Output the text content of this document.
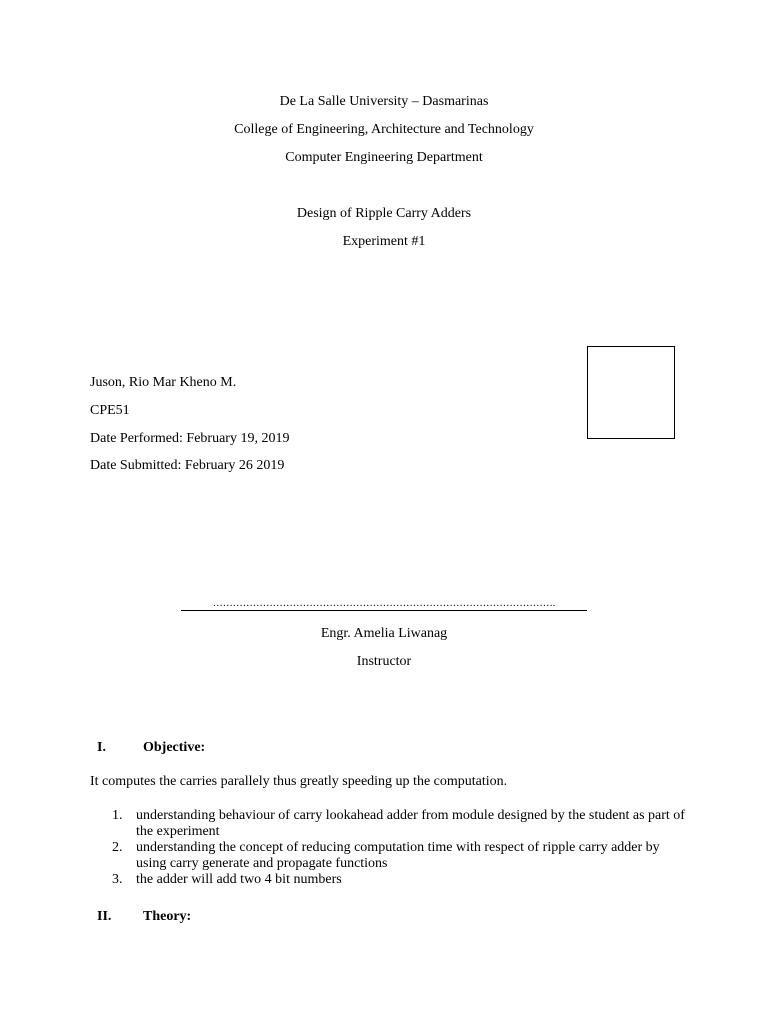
De La Salle University – Dasmarinas
College of Engineering, Architecture and Technology
Computer Engineering Department
Design of Ripple Carry Adders
Experiment #1
Juson, Rio Mar Kheno M.
CPE51
Date Performed: February 19, 2019
Date Submitted: February 26 2019
………………………………………………………………………………………….
Engr. Amelia Liwanag
Instructor
I.	Objective:
It computes the carries parallely thus greatly speeding up the computation.
1. understanding behaviour of carry lookahead adder from module designed by the student as part of the experiment
2. understanding the concept of reducing computation time with respect of ripple carry adder by using carry generate and propagate functions
3. the adder will add two 4 bit numbers
II. Theory:
